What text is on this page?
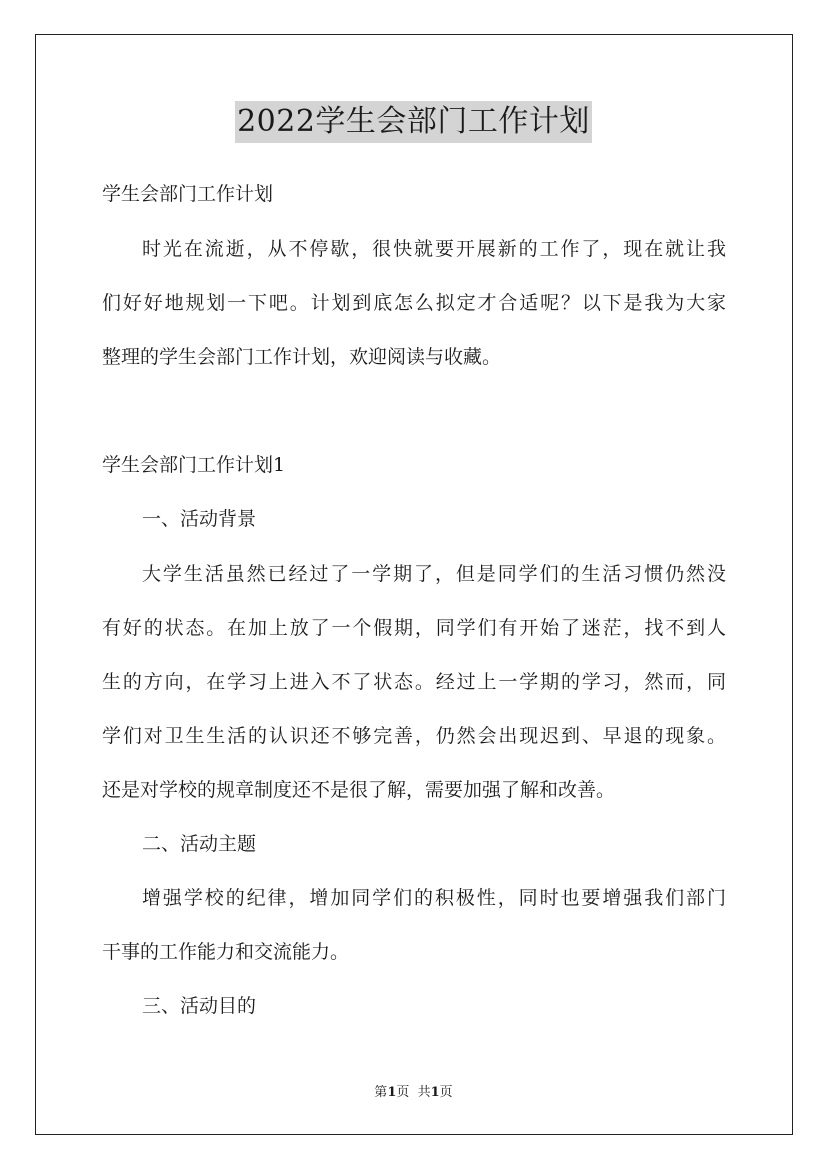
2022学生会部门工作计划
学生会部门工作计划
时光在流逝，从不停歇，很快就要开展新的工作了，现在就让我
们好好地规划一下吧。计划到底怎么拟定才合适呢？以下是我为大家
整理的学生会部门工作计划，欢迎阅读与收藏。
学生会部门工作计划1
一、活动背景
大学生活虽然已经过了一学期了，但是同学们的生活习惯仍然没
有好的状态。在加上放了一个假期，同学们有开始了迷茫，找不到人
生的方向，在学习上进入不了状态。经过上一学期的学习，然而，同
学们对卫生生活的认识还不够完善，仍然会出现迟到、早退的现象。
还是对学校的规章制度还不是很了解，需要加强了解和改善。
二、活动主题
增强学校的纪律，增加同学们的积极性，同时也要增强我们部门
干事的工作能力和交流能力。
三、活动目的
第1页  共1页
